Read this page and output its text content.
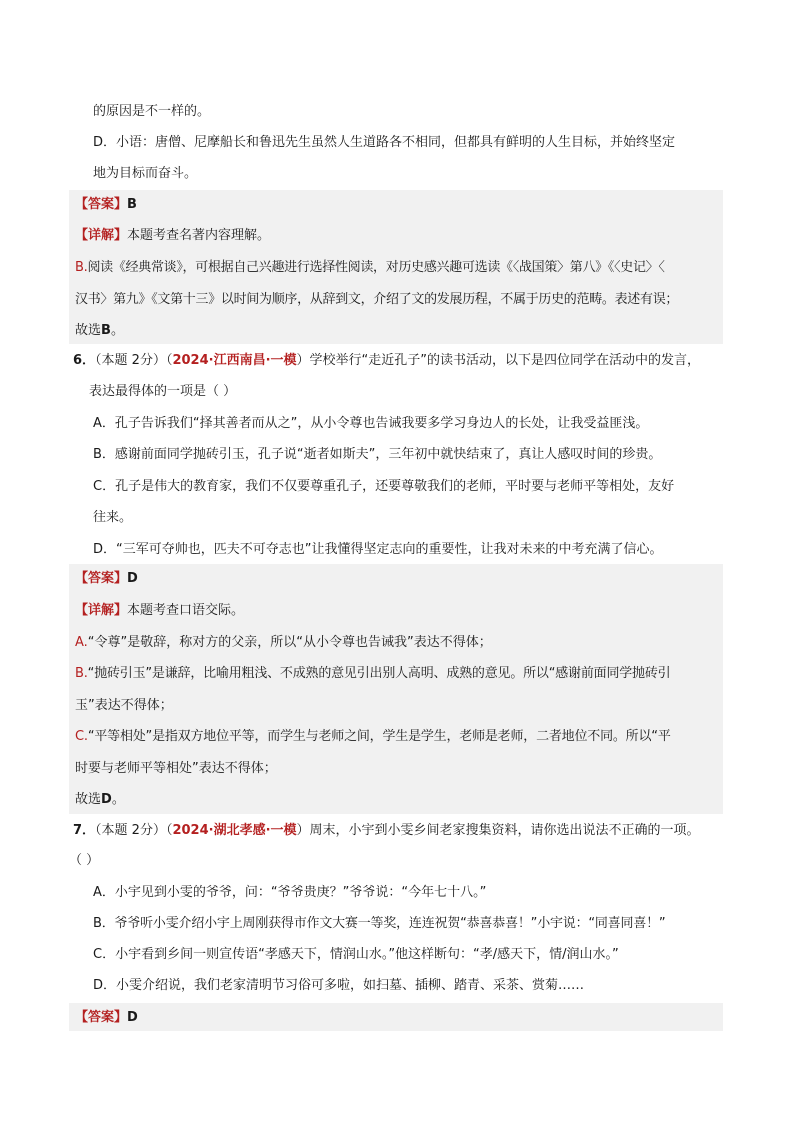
的原因是不一样的。
D．小语：唐僧、尼摩船长和鲁迅先生虽然人生道路各不相同，但都具有鲜明的人生目标，并始终坚定
地为目标而奋斗。
【答案】B
【详解】本题考查名著内容理解。
B.阅读《经典常谈》，可根据自己兴趣进行选择性阅读，对历史感兴趣可选读《〈战国策〉第八》《〈史记〉〈
汉书〉第九》《文第十三》以时间为顺序，从辞到文，介绍了文的发展历程，不属于历史的范畴。表述有误；
故选B。
6．（本题 2分）（2024·江西南昌·一模）学校举行“走近孔子”的读书活动，以下是四位同学在活动中的发言，
表达最得体的一项是（ ）
A．孔子告诉我们“择其善者而从之”，从小令尊也告诫我要多学习身边人的长处，让我受益匪浅。
B．感谢前面同学抛砖引玉，孔子说“逝者如斯夫”，三年初中就快结束了，真让人感叹时间的珍贵。
C．孔子是伟大的教育家，我们不仅要尊重孔子，还要尊敬我们的老师，平时要与老师平等相处，友好
往来。
D．“三军可夺帅也，匹夫不可夺志也”让我懂得坚定志向的重要性，让我对未来的中考充满了信心。
【答案】D
【详解】本题考查口语交际。
A.“令尊”是敬辞，称对方的父亲，所以“从小令尊也告诫我”表达不得体；
B.“抛砖引玉”是谦辞，比喻用粗浅、不成熟的意见引出别人高明、成熟的意见。所以“感谢前面同学抛砖引
玉”表达不得体；
C.“平等相处”是指双方地位平等，而学生与老师之间，学生是学生，老师是老师，二者地位不同。所以“平
时要与老师平等相处”表达不得体；
故选D。
7．（本题 2分）（2024·湖北孝感·一模）周末，小宇到小雯乡间老家搜集资料，请你选出说法不正确的一项。
（ ）
A．小宇见到小雯的爷爷，问：“爷爷贵庚？”爷爷说：“今年七十八。”
B．爷爷听小雯介绍小宇上周刚获得市作文大赛一等奖，连连祝贺“恭喜恭喜！”小宇说：“同喜同喜！”
C．小宇看到乡间一则宣传语“孝感天下，情润山水。”他这样断句：“孝/感天下，情/润山水。”
D．小雯介绍说，我们老家清明节习俗可多啦，如扫墓、插柳、踏青、采茶、赏菊……
【答案】D
